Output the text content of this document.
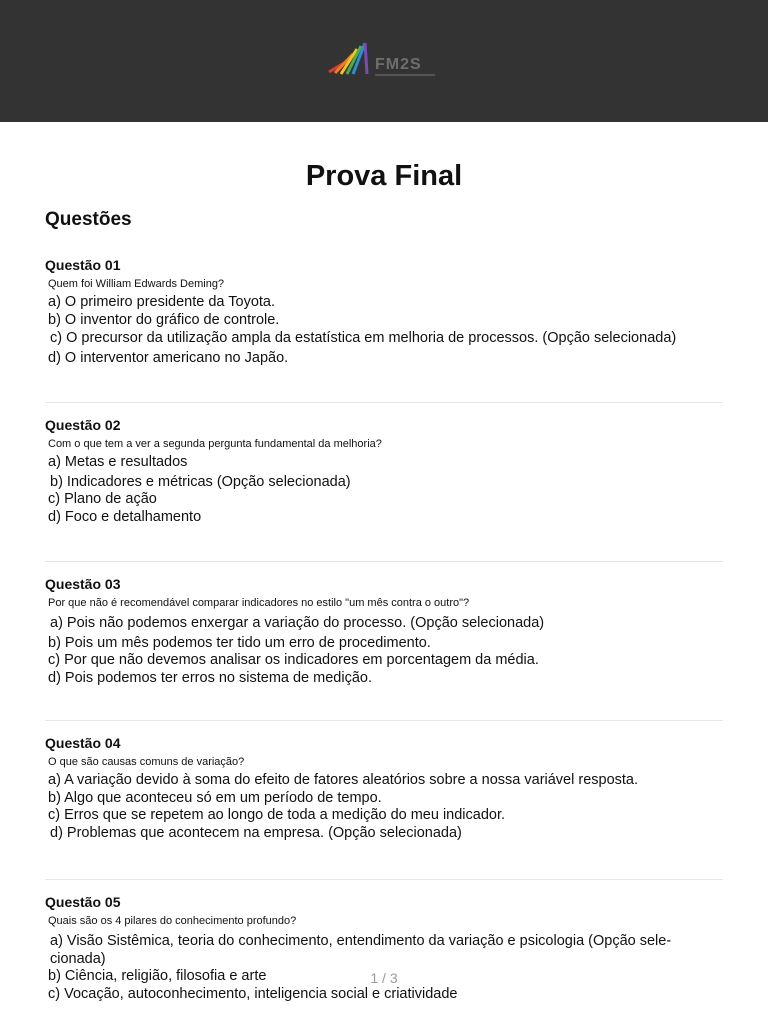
FM2S
Prova Final
Questões
Questão 01
Quem foi William Edwards Deming?
a) O primeiro presidente da Toyota.
b) O inventor do gráfico de controle.
c) O precursor da utilização ampla da estatística em melhoria de processos. (Opção selecionada)
d) O interventor americano no Japão.
Questão 02
Com o que tem a ver a segunda pergunta fundamental da melhoria?
a) Metas e resultados
b) Indicadores e métricas (Opção selecionada)
c) Plano de ação
d) Foco e detalhamento
Questão 03
Por que não é recomendável comparar indicadores no estilo "um mês contra o outro"?
a) Pois não podemos enxergar a variação do processo. (Opção selecionada)
b) Pois um mês podemos ter tido um erro de procedimento.
c) Por que não devemos analisar os indicadores em porcentagem da média.
d) Pois podemos ter erros no sistema de medição.
Questão 04
O que são causas comuns de variação?
a) A variação devido à soma do efeito de fatores aleatórios sobre a nossa variável resposta.
b) Algo que aconteceu só em um período de tempo.
c) Erros que se repetem ao longo de toda a medição do meu indicador.
d) Problemas que acontecem na empresa. (Opção selecionada)
Questão 05
Quais são os 4 pilares do conhecimento profundo?
a) Visão Sistêmica, teoria do conhecimento, entendimento da variação e psicologia (Opção sele-
cionada)
b) Ciência, religião, filosofia e arte
c) Vocação, autoconhecimento, inteligencia social e criatividade
1 / 3
